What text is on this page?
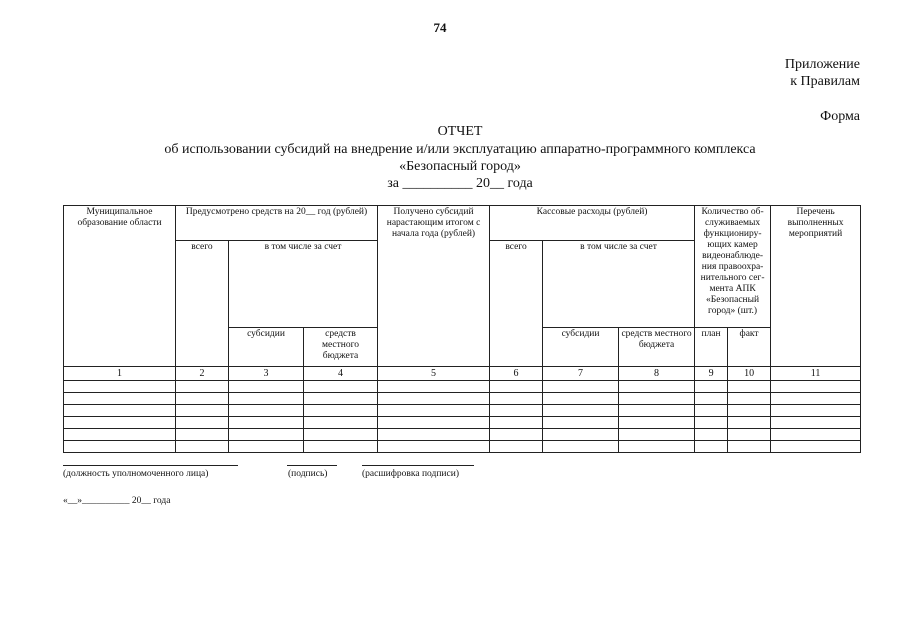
74
Приложение
к Правилам
Форма
ОТЧЕТ
об использовании субсидий на внедрение и/или эксплуатацию аппаратно-программного комплекса
«Безопасный город»
за __________ 20__ года
Муниципальное образование области	Предусмотрено средств на 20__ год (рублей)			Получено субсидий нарастающим итогом с начала года (рублей)	Кассовые расходы (рублей)			Количество об-служиваемых функциониру-ющих камер видеонаблюде-ния правоохра-нительного сег-мента АПК «Безопасный город» (шт.)		Перечень выполненных мероприятий
	всего	в том числе за счет			всего	в том числе за счет				
		субсидии	средств местного бюджета			субсидии	средств местного бюджета	план	факт	
1	2	3	4	5	6	7	8	9	10	11

(должность уполномоченного лица)	(подпись)	(расшифровка подписи)
«__»__________ 20__ года
